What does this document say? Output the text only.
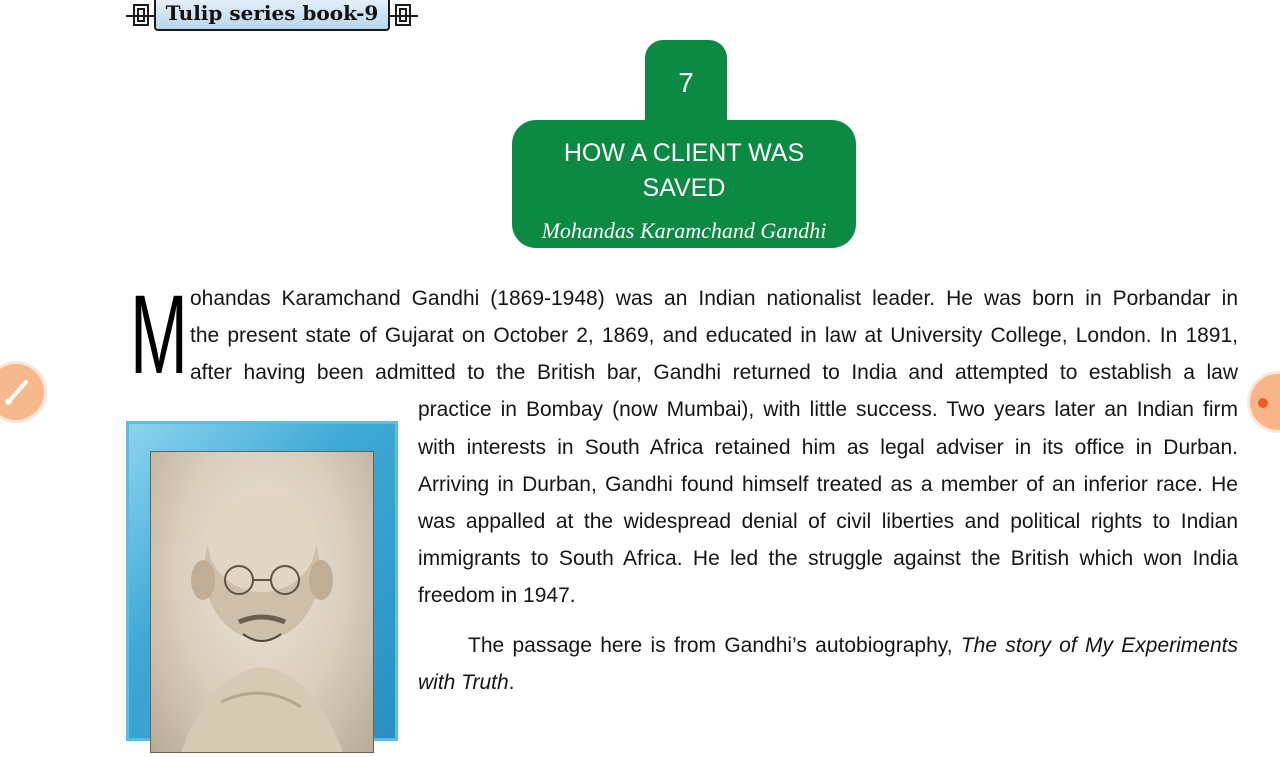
Tulip series book-9
7
HOW A CLIENT WAS
SAVED
Mohandas Karamchand Gandhi
M ohandas Karamchand Gandhi (1869-1948) was an Indian nationalist leader. He was born in Porbandar in
the present state of Gujarat on October 2, 1869, and educated in law at University College, London. In 1891,
after having been admitted to the British bar, Gandhi returned to India and attempted to establish a law
practice in Bombay (now Mumbai), with little success. Two years later an Indian firm
with interests in South Africa retained him as legal adviser in its office in Durban.
Arriving in Durban, Gandhi found himself treated as a member of an inferior race. He
was appalled at the widespread denial of civil liberties and political rights to Indian
immigrants to South Africa. He led the struggle against the British which won India
freedom in 1947.
The passage here is from Gandhi’s autobiography, The story of My Experiments
with Truth.
